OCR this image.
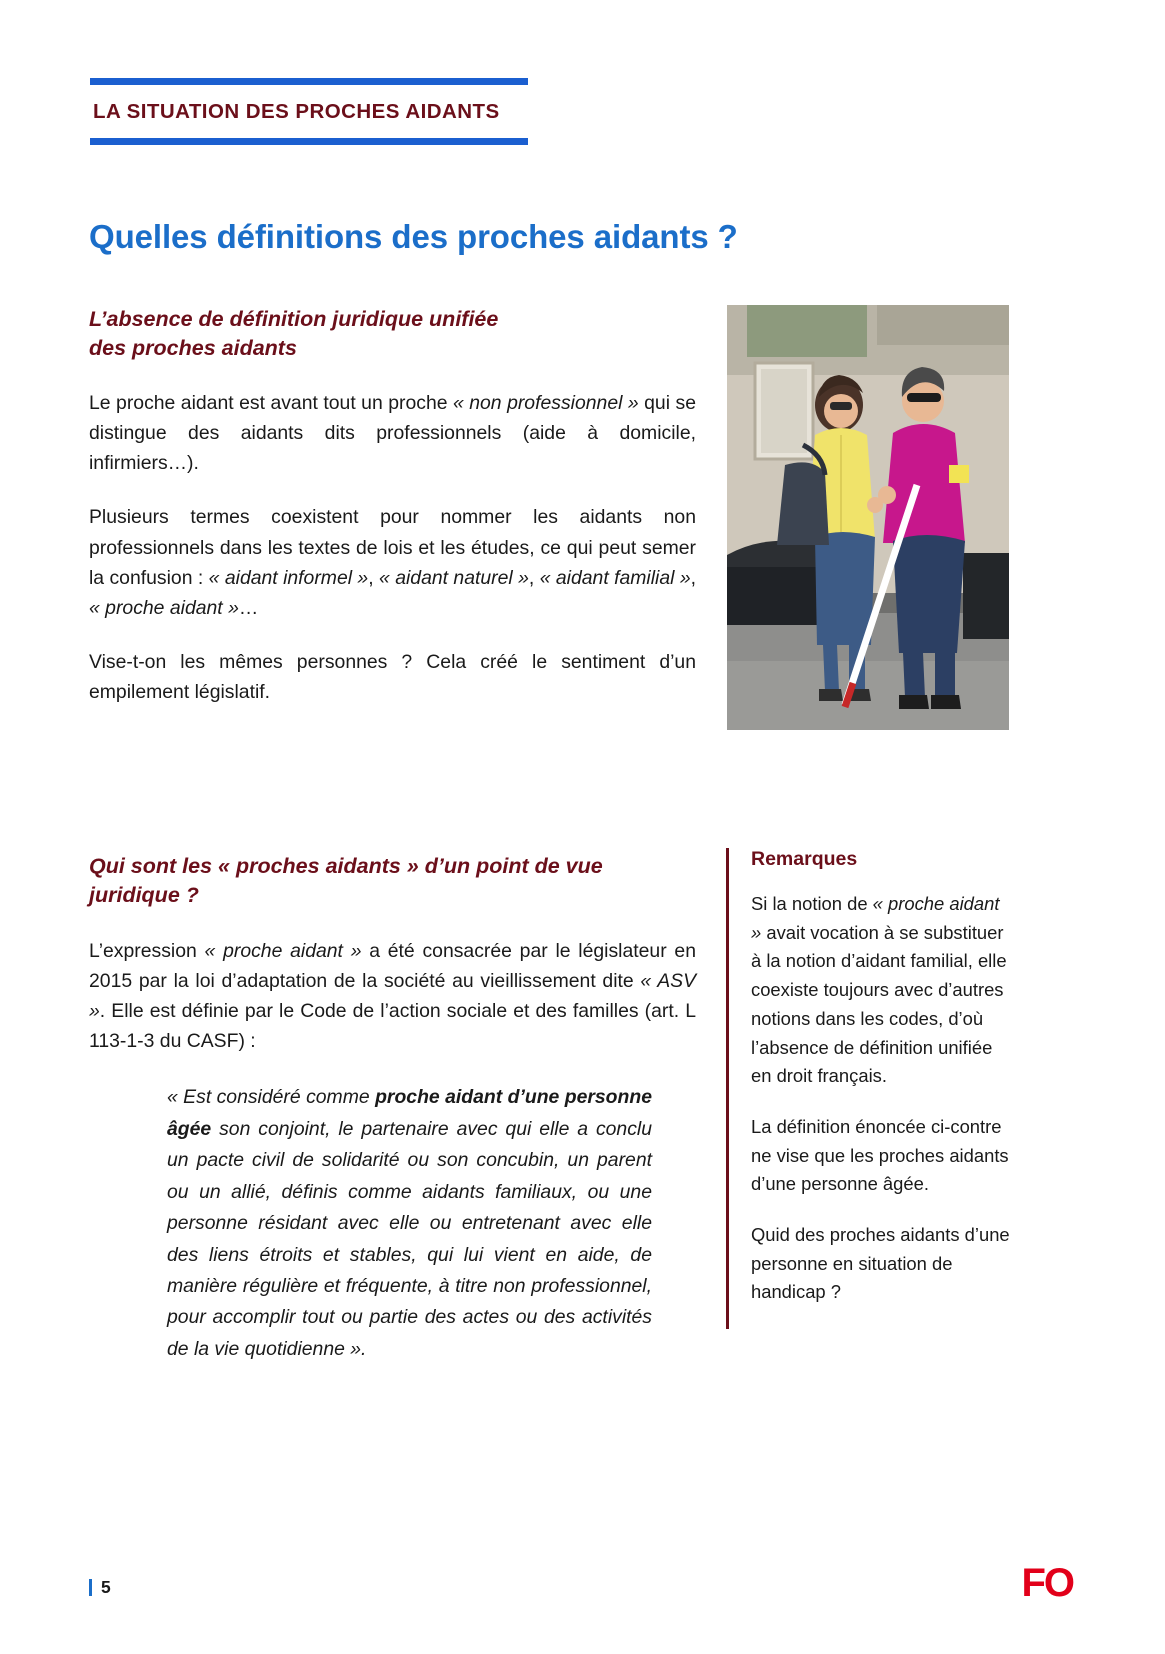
LA SITUATION DES PROCHES AIDANTS
Quelles définitions des proches aidants ?
L’absence de définition juridique unifiée
des proches aidants

Le proche aidant est avant tout un proche « non professionnel » qui se distingue des aidants dits professionnels (aide à domicile, infirmiers…).

Plusieurs termes coexistent pour nommer les aidants non professionnels dans les textes de lois et les études, ce qui peut semer la confusion : « aidant informel », « aidant naturel », « aidant familial », « proche aidant »…

Vise-t-on les mêmes personnes ? Cela créé le sentiment d’un empilement législatif.

Qui sont les « proches aidants » d’un point de vue
juridique ?

L’expression « proche aidant » a été consacrée par le législateur en 2015 par la loi d’adaptation de la société au vieillissement dite « ASV ». Elle est définie par le Code de l’action sociale et des familles (art. L 113-1-3 du CASF) :

« Est considéré comme proche aidant d’une personne âgée son conjoint, le partenaire avec qui elle a conclu un pacte civil de solidarité ou son concubin, un parent ou un allié, définis comme aidants familiaux, ou une personne résidant avec elle ou entretenant avec elle des liens étroits et stables, qui lui vient en aide, de manière régulière et fréquente, à titre non professionnel, pour accomplir tout ou partie des actes ou des activités de la vie quotidienne ».
Remarques

Si la notion de « proche aidant » avait vocation à se substituer à la notion d’aidant familial, elle coexiste toujours avec d’autres notions dans les codes, d’où l’absence de définition unifiée en droit français.

La définition énoncée ci-contre ne vise que les proches aidants d’une personne âgée.

Quid des proches aidants d’une personne en situation de handicap ?

5	FO
